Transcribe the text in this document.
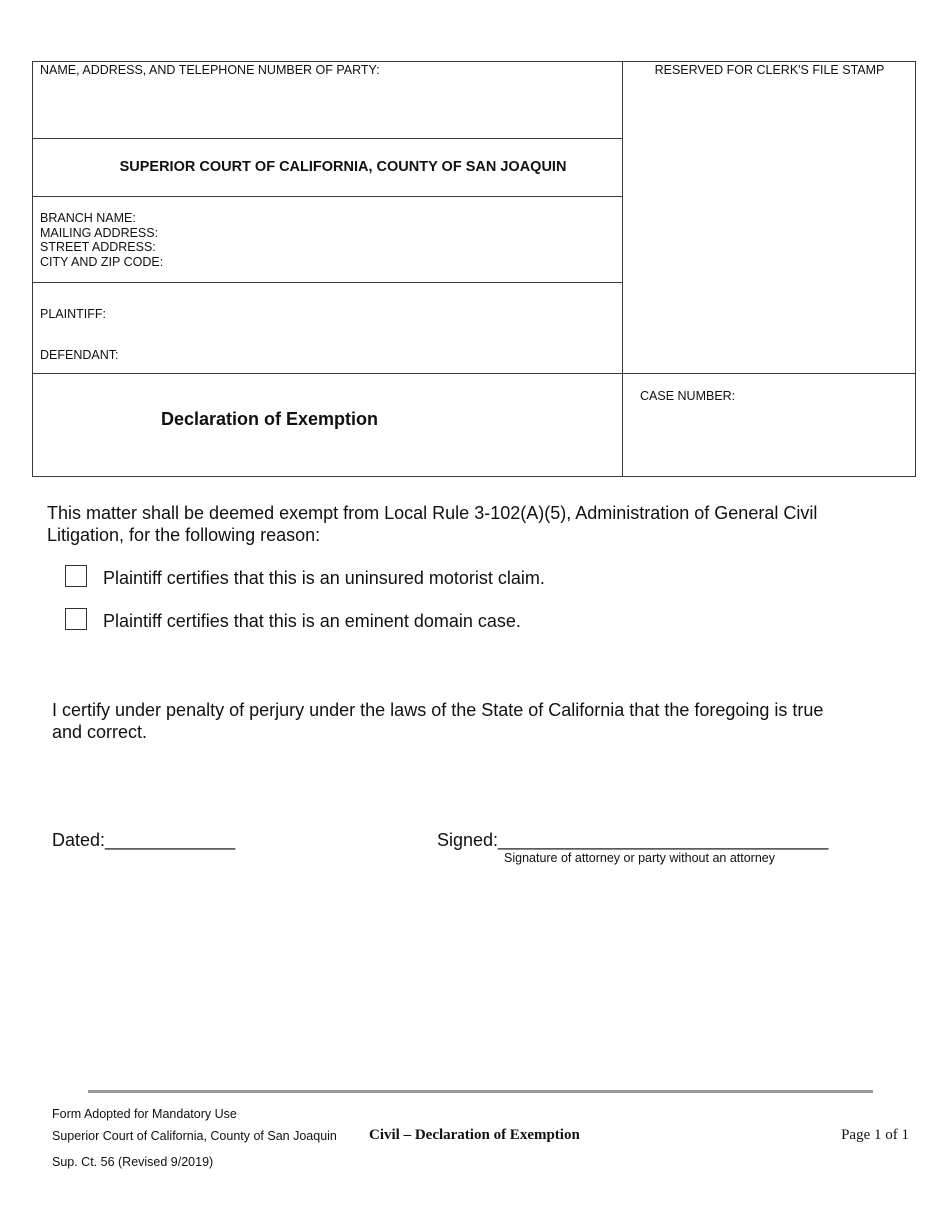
NAME, ADDRESS, AND TELEPHONE NUMBER OF PARTY:	RESERVED FOR CLERK'S FILE STAMP
SUPERIOR COURT OF CALIFORNIA, COUNTY OF SAN JOAQUIN
BRANCH NAME:
MAILING ADDRESS:
STREET ADDRESS:
CITY AND ZIP CODE:
PLAINTIFF:
DEFENDANT:
Declaration of Exemption
CASE NUMBER:
This matter shall be deemed exempt from Local Rule 3-102(A)(5), Administration of General Civil Litigation, for the following reason:
Plaintiff certifies that this is an uninsured motorist claim.
Plaintiff certifies that this is an eminent domain case.
I certify under penalty of perjury under the laws of the State of California that the foregoing is true and correct.
Dated:_____________	Signed:_________________________________
Signature of attorney or party without an attorney
Form Adopted for Mandatory Use
Superior Court of California, County of San Joaquin
Sup. Ct. 56 (Revised 9/2019)
Civil – Declaration of Exemption	Page 1 of 1
